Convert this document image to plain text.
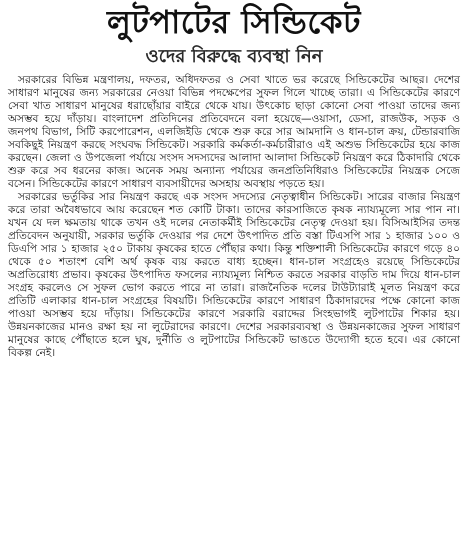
লুটপাটের সিন্ডিকেট
ওদের বিরুদ্ধে ব্যবস্থা নিন

সরকারের বিভিন্ন মন্ত্রণালয়, দফতর, অধিদফতর ও সেবা খাতে ভর করেছে সিন্ডিকেটের আছর। দেশের সাধারণ মানুষের জন্য সরকারের নেওয়া বিভিন্ন পদক্ষেপের সুফল গিলে খাচ্ছে তারা। এ সিন্ডিকেটের কারণে সেবা খাত সাধারণ মানুষের ধরাছোঁয়ার বাইরে থেকে যায়। উৎকোচ ছাড়া কোনো সেবা পাওয়া তাদের জন্য অসম্ভব হয়ে দাঁড়ায়। বাংলাদেশ প্রতিদিনের প্রতিবেদনে বলা হয়েছে—ওয়াসা, ডেসা, রাজউক, সড়ক ও জনপথ বিভাগ, সিটি করপোরেশন, এলজিইডি থেকে শুরু করে সার আমদানি ও ধান-চাল ক্রয়, টেন্ডারবাজি সবকিছুই নিয়ন্ত্রণ করছে সংঘবদ্ধ সিন্ডিকেট। সরকারি কর্মকর্তা-কর্মচারীরাও এই অশুভ সিন্ডিকেটের হয়ে কাজ করছেন। জেলা ও উপজেলা পর্যায়ে সংসদ সদস্যদের আলাদা আলাদা সিন্ডিকেট নিয়ন্ত্রণ করে ঠিকাদারি থেকে শুরু করে সব ধরনের কাজ। অনেক সময় অন্যান্য পর্যায়ের জনপ্রতিনিধিরাও সিন্ডিকেটের নিয়ন্ত্রক সেজে বসেন। সিন্ডিকেটের কারণে সাধারণ ব্যবসায়ীদের অসহায় অবস্থায় পড়তে হয়।

সরকারের ভর্তুকির সার নিয়ন্ত্রণ করছে এক সংসদ সদস্যের নেতৃত্বাধীন সিন্ডিকেট। সারের বাজার নিয়ন্ত্রণ করে তারা অবৈধভাবে আয় করেছেন শত কোটি টাকা। তাদের কারসাজিতে কৃষক ন্যায্যমূল্যে সার পান না। যখন যে দল ক্ষমতায় থাকে তখন ওই দলের নেতাকর্মীই সিন্ডিকেটের নেতৃত্ব দেওয়া হয়। বিসিআইসির তদন্ত প্রতিবেদন অনুযায়ী, সরকার ভর্তুকি দেওয়ার পর দেশে উৎপাদিত প্রতি বস্তা টিএসপি সার ১ হাজার ১০০ ও ডিএপি সার ১ হাজার ২৫০ টাকায় কৃষকের হাতে পৌঁছার কথা। কিন্তু শক্তিশালী সিন্ডিকেটের কারণে গড়ে ৪০ থেকে ৫০ শতাংশ বেশি অর্থ কৃষক ব্যয় করতে বাধ্য হচ্ছেন। ধান-চাল সংগ্রহেও রয়েছে সিন্ডিকেটের অপ্রতিরোধ্য প্রভাব। কৃষকের উৎপাদিত ফসলের ন্যায্যমূল্য নিশ্চিত করতে সরকার বাড়তি দাম দিয়ে ধান-চাল সংগ্রহ করলেও সে সুফল ভোগ করতে পারে না তারা। রাজনৈতিক দলের টাউট্যারাই মূলত নিয়ন্ত্রণ করে প্রতিটি এলাকার ধান-চাল সংগ্রহের বিষয়টি। সিন্ডিকেটের কারণে সাধারণ ঠিকাদারদের পক্ষে কোনো কাজ পাওয়া অসম্ভব হয়ে দাঁড়ায়। সিন্ডিকেটের কারণে সরকারি বরাদ্দের সিংহভাগই লুটপাটের শিকার হয়। উন্নয়নকাজের মানও রক্ষা হয় না লুটেরাদের কারণে। দেশের সরকারব্যবস্থা ও উন্নয়নকাজের সুফল সাধারণ মানুষের কাছে পৌঁছাতে হলে ঘুষ, দুর্নীতি ও লুটপাটের সিন্ডিকেট ভাঙতে উদ্যোগী হতে হবে। এর কোনো বিকল্প নেই।
